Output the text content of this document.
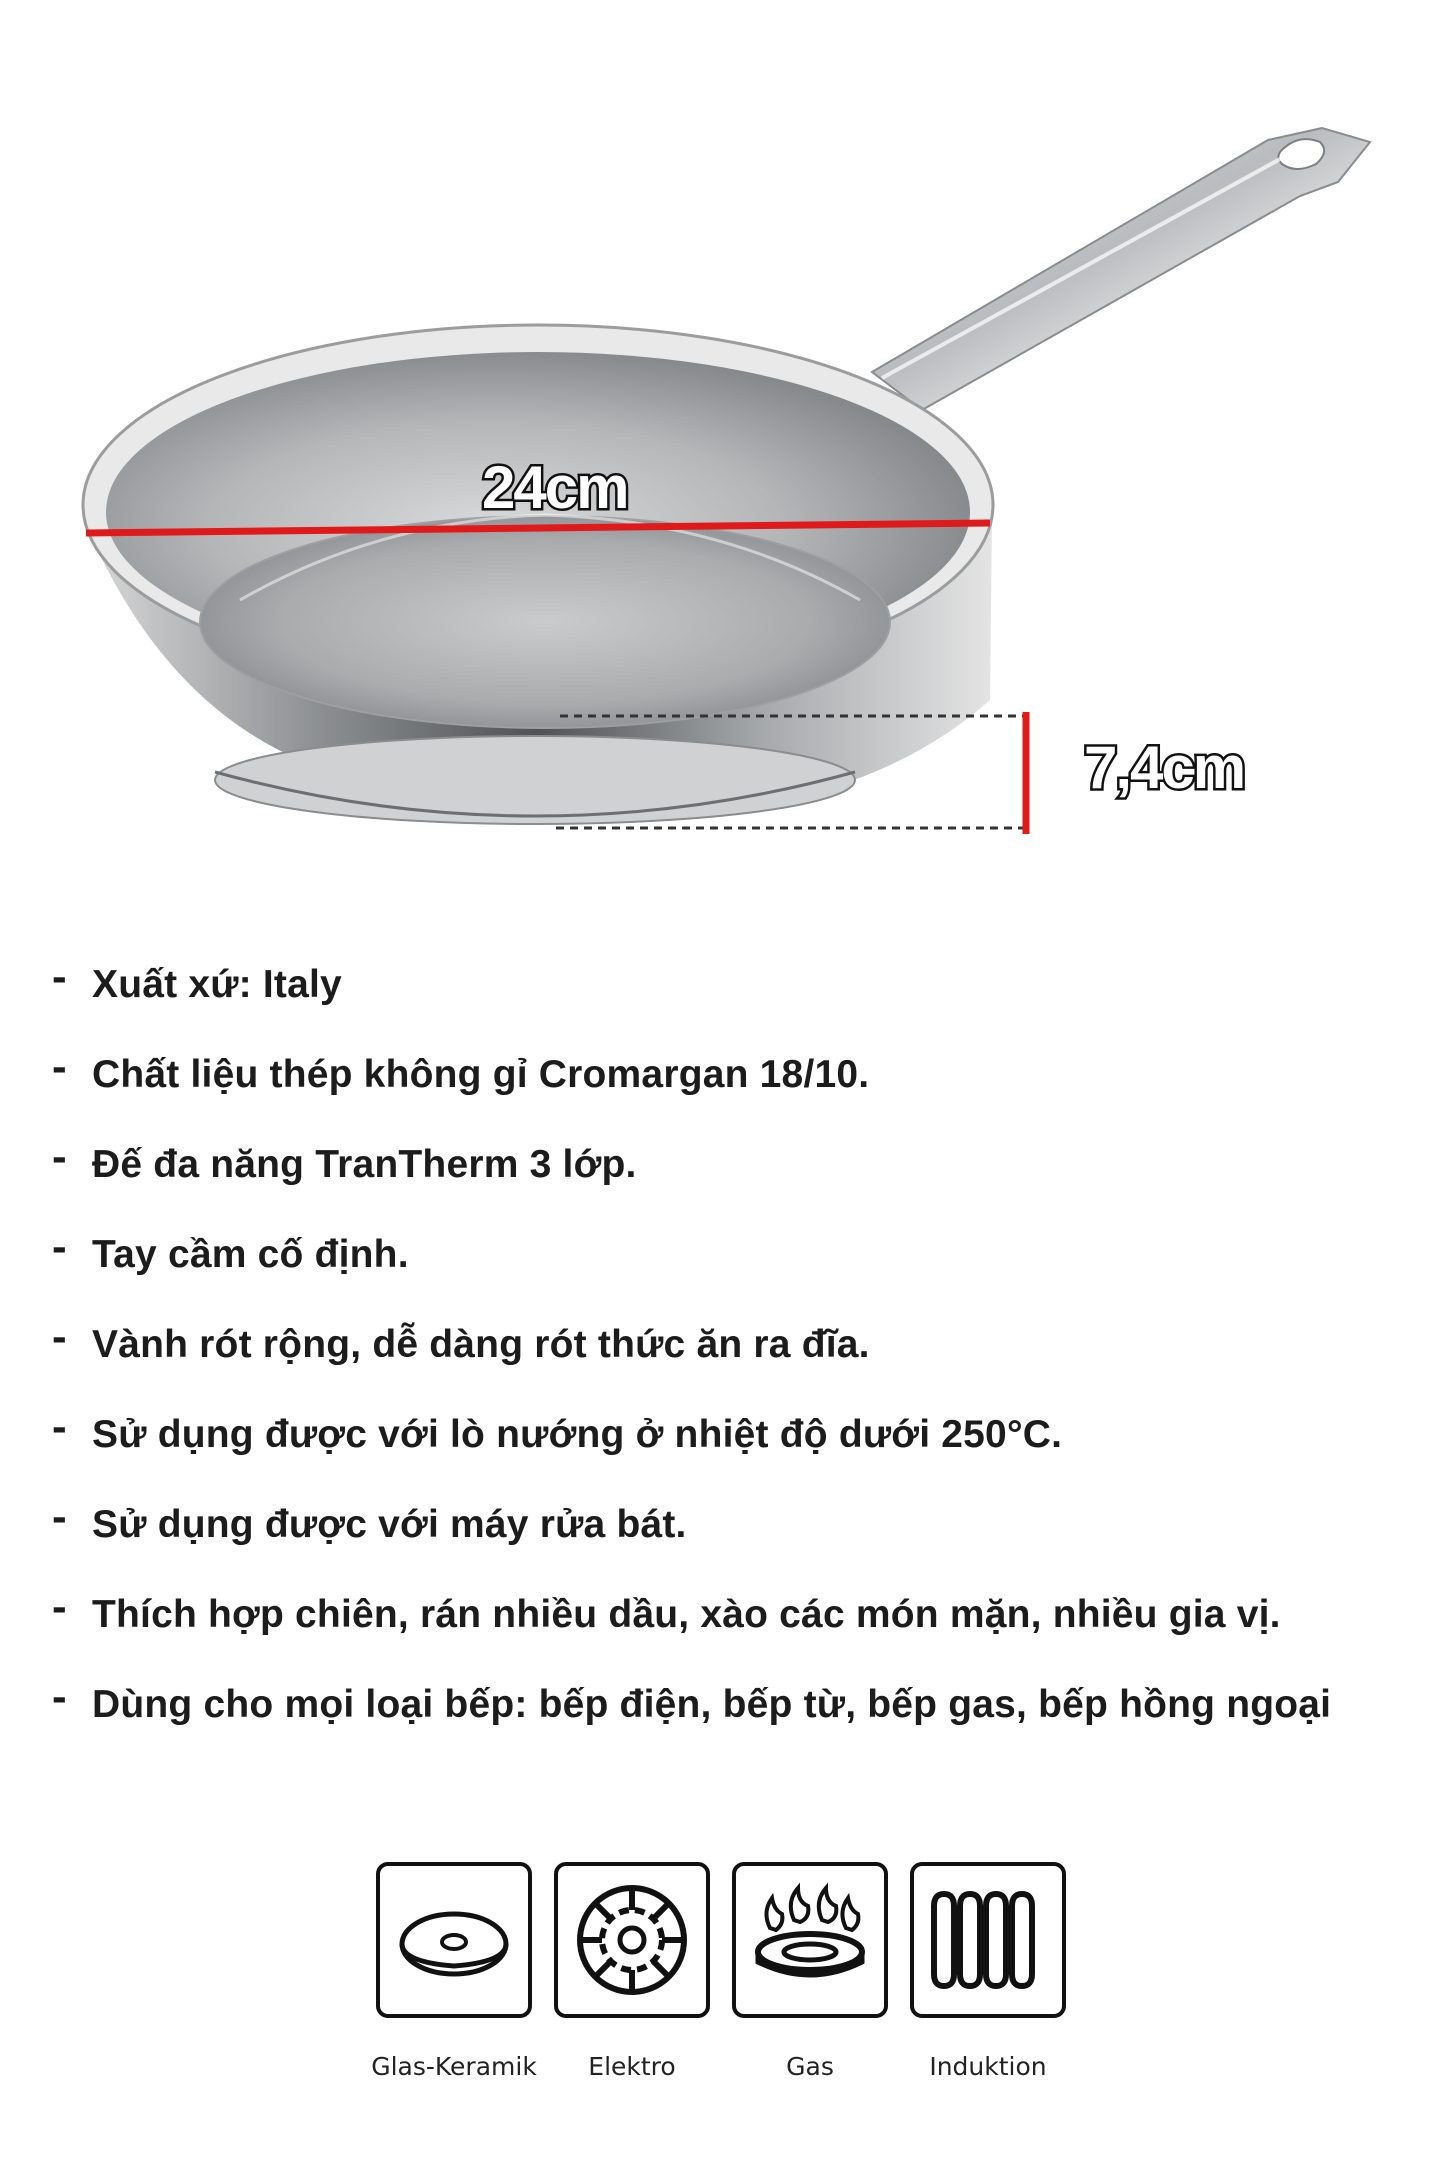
24cm
7,4cm
- Xuất xứ: Italy
- Chất liệu thép không gỉ Cromargan 18/10.
- Đế đa năng TranTherm 3 lớp.
- Tay cầm cố định.
- Vành rót rộng, dễ dàng rót thức ăn ra đĩa.
- Sử dụng được với lò nướng ở nhiệt độ dưới 250°C.
- Sử dụng được với máy rửa bát.
- Thích hợp chiên, rán nhiều dầu, xào các món mặn, nhiều gia vị.
- Dùng cho mọi loại bếp: bếp điện, bếp từ, bếp gas, bếp hồng ngoại
Glas-Keramik	Elektro	Gas	Induktion
